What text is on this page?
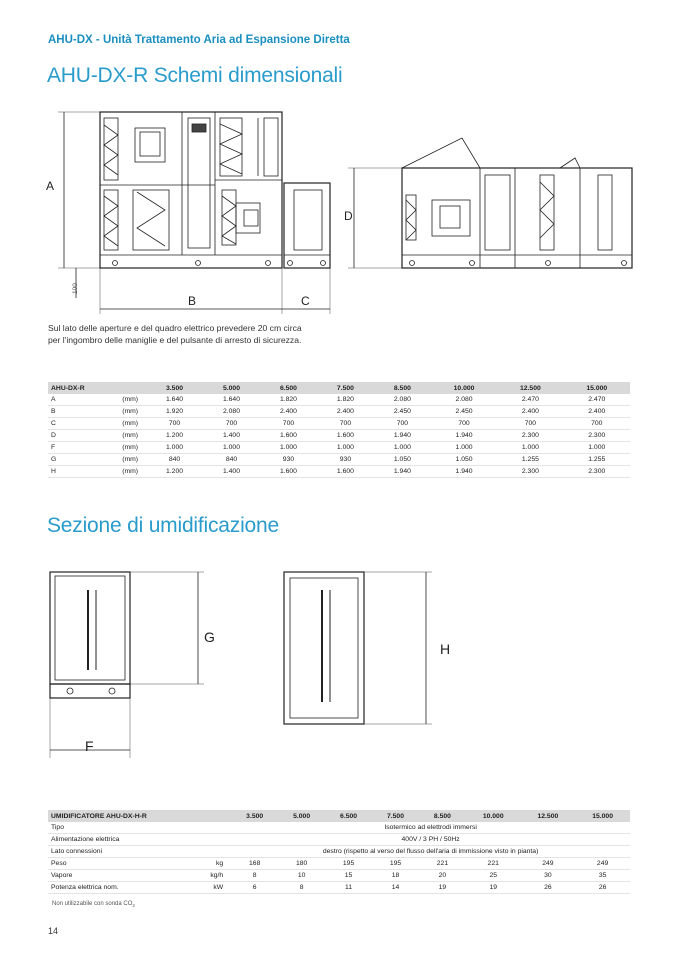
AHU-DX - Unità Trattamento Aria ad Espansione Diretta
AHU-DX-R Schemi dimensionali
A
100
B	C
D
Sul lato delle aperture e del quadro elettrico prevedere 20 cm circa
per l'ingombro delle maniglie e del pulsante di arresto di sicurezza.
AHU-DX-R		3.500	5.000	6.500	7.500	8.500	10.000	12.500	15.000
A	(mm)	1.640	1.640	1.820	1.820	2.080	2.080	2.470	2.470
B	(mm)	1.920	2.080	2.400	2.400	2.450	2.450	2.400	2.400
C	(mm)	700	700	700	700	700	700	700	700
D	(mm)	1.200	1.400	1.600	1.600	1.940	1.940	2.300	2.300
F	(mm)	1.000	1.000	1.000	1.000	1.000	1.000	1.000	1.000
G	(mm)	840	840	930	930	1.050	1.050	1.255	1.255
H	(mm)	1.200	1.400	1.600	1.600	1.940	1.940	2.300	2.300
Sezione di umidificazione
G
F
H
UMIDIFICATORE AHU-DX-H-R		3.500	5.000	6.500	7.500	8.500	10.000	12.500	15.000
Tipo		Isotermico ad elettrodi immersi							
Alimentazione elettrica		400V / 3 PH / 50Hz							
Lato connessioni		destro (rispetto al verso del flusso dell'aria di immissione visto in pianta)							
Peso	kg	168	180	195	195	221	221	249	249
Vapore	kg/h	8	10	15	18	20	25	30	35
Potenza elettrica nom.	kW	6	8	11	14	19	19	26	26
Non utilizzabile con sonda $CO_2$
14
